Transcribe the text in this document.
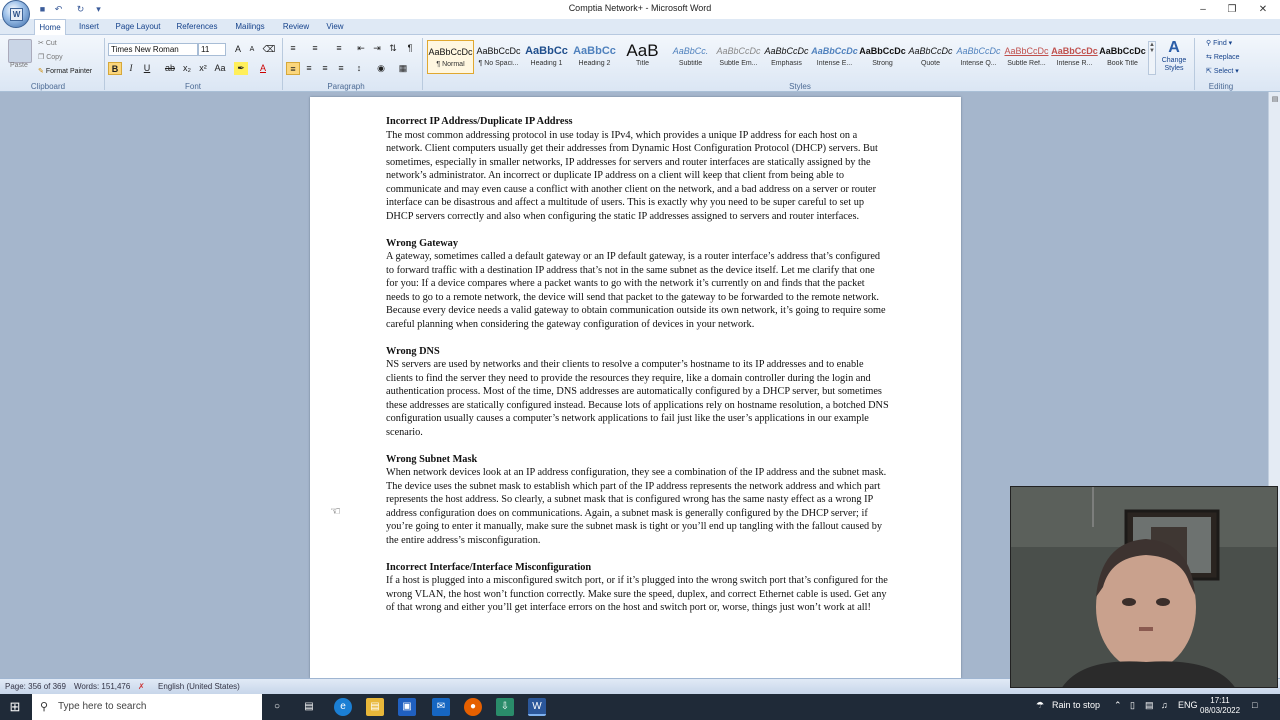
■	↶	↻	▾	Comptia Network+ - Microsoft Word	–	❐	✕
Home	Insert	Page Layout	References	Mailings	Review	View
W
Paste
✂ Cut
❐ Copy
✎ Format Painter
Clipboard
Times New Roman	11	A	A ⌫
B	I	U	ab x₂ x² Aa	✒	A
Font
≡	≡	≡	⇤ ⇥ ⇅	¶
≡	≡	≡	≡	↕	◉	▦
Paragraph
AaBbCcDc
¶ Normal
AaBbCcDc
¶ No Spaci...
AaBbCc
Heading 1
AaBbCc
Heading 2
AaB
Title
AaBbCc.
Subtitle
AaBbCcDc
Subtle Em...
AaBbCcDc
Emphasis
AaBbCcDc
Intense E...
AaBbCcDc
Strong
AaBbCcDc
Quote
AaBbCcDc
Intense Q...
AaBbCcDc
Subtle Ref...
AaBbCcDc
Intense R...
AaBbCcDc
Book Title
▲
▼ A
Change Styles
Styles
⚲ Find ▾
⇆ Replace
⇱ Select ▾
Editing
Incorrect IP Address/Duplicate IP Address

The most common addressing protocol in use today is IPv4, which provides a unique IP address for each host on a network. Client computers usually get their addresses from Dynamic Host Configuration Protocol (DHCP) servers. But sometimes, especially in smaller networks, IP addresses for servers and router interfaces are statically assigned by the network’s administrator. An incorrect or duplicate IP address on a client will keep that client from being able to communicate and may even cause a conflict with another client on the network, and a bad address on a server or router interface can be disastrous and affect a multitude of users. This is exactly why you need to be super careful to set up DHCP servers correctly and also when configuring the static IP addresses assigned to servers and router interfaces.

Wrong Gateway

A gateway, sometimes called a default gateway or an IP default gateway, is a router interface’s address that’s configured to forward traffic with a destination IP address that’s not in the same subnet as the device itself. Let me clarify that one for you: If a device compares where a packet wants to go with the network it’s currently on and finds that the packet needs to go to a remote network, the device will send that packet to the gateway to be forwarded to the remote network. Because every device needs a valid gateway to obtain communication outside its own network, it’s going to require some careful planning when considering the gateway configuration of devices in your network.

Wrong DNS

NS servers are used by networks and their clients to resolve a computer’s hostname to its IP addresses and to enable clients to find the server they need to provide the resources they require, like a domain controller during the login and authentication process. Most of the time, DNS addresses are automatically configured by a DHCP server, but sometimes these addresses are statically configured instead. Because lots of applications rely on hostname resolution, a botched DNS configuration usually causes a computer’s network applications to fail just like the user’s applications in our example scenario.

Wrong Subnet Mask

When network devices look at an IP address configuration, they see a combination of the IP address and the subnet mask. The device uses the subnet mask to establish which part of the IP address represents the network address and which part represents the host address. So clearly, a subnet mask that is configured wrong has the same nasty effect as a wrong IP address configuration does on communications. Again, a subnet mask is generally configured by the DHCP server; if you’re going to enter it manually, make sure the subnet mask is tight or you’ll end up tangling with the fallout caused by the entire address’s misconfiguration.

Incorrect Interface/Interface Misconfiguration

If a host is plugged into a misconfigured switch port, or if it’s plugged into the wrong switch port that’s configured for the wrong VLAN, the host won’t function correctly. Make sure the speed, duplex, and correct Ethernet cable is used. Get any of that wrong and either you’ll get interface errors on the host and switch port or, worse, things just won’t work at all!

☜
▤
Page: 356 of 369 Words: 151,476 ✗ English (United States)
⊞	⚲ Type here to search	○	▤	e	▤	▣	✉	●	⇩	W	☂ Rain to stop ⌃ ▯ ▤ ♫ ENG	17:11
08/03/2022
□
